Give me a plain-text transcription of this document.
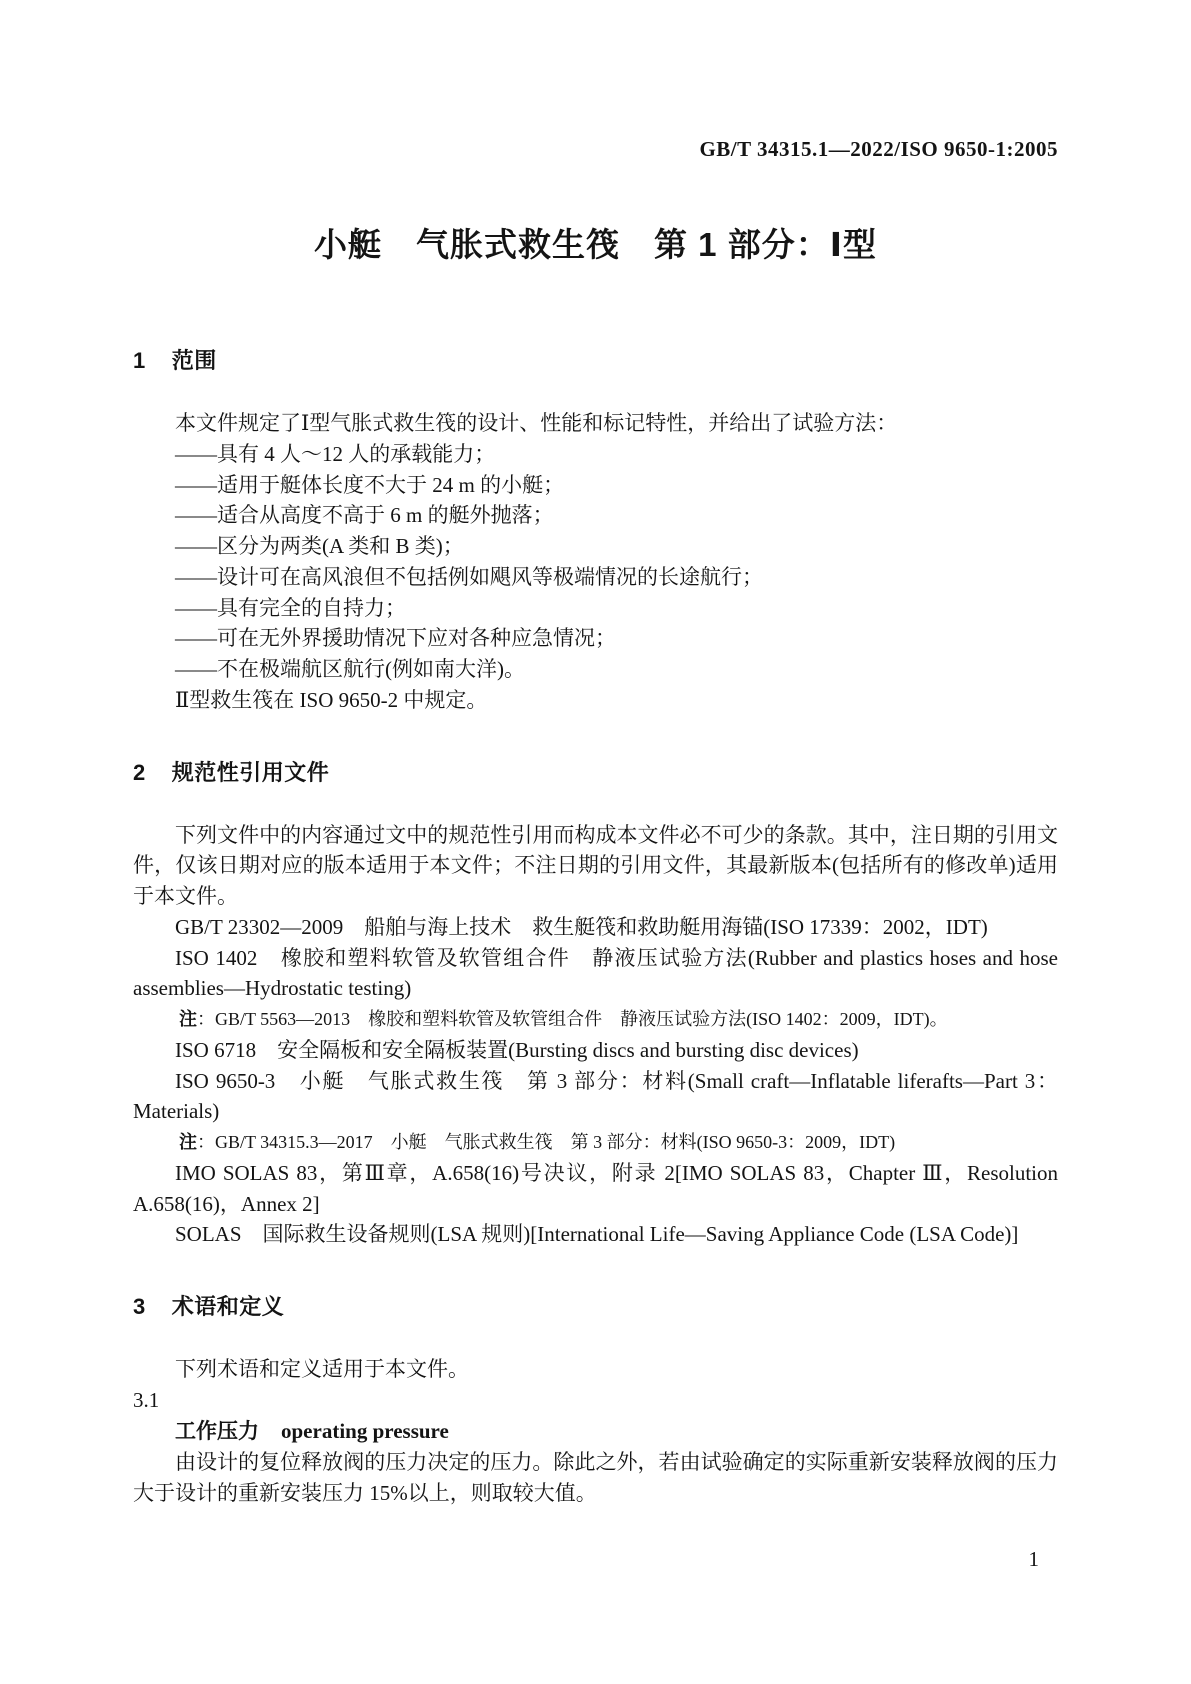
GB/T 34315.1—2022/ISO 9650-1:2005
小艇　气胀式救生筏　第 1 部分：Ⅰ型
1 范围

本文件规定了Ⅰ型气胀式救生筏的设计、性能和标记特性，并给出了试验方法：

——具有 4 人～12 人的承载能力；

——适用于艇体长度不大于 24 m 的小艇；

——适合从高度不高于 6 m 的艇外抛落；

——区分为两类(A 类和 B 类)；

——设计可在高风浪但不包括例如飓风等极端情况的长途航行；

——具有完全的自持力；

——可在无外界援助情况下应对各种应急情况；

——不在极端航区航行(例如南大洋)。

Ⅱ型救生筏在 ISO 9650-2 中规定。

2 规范性引用文件

下列文件中的内容通过文中的规范性引用而构成本文件必不可少的条款。其中，注日期的引用文件，仅该日期对应的版本适用于本文件；不注日期的引用文件，其最新版本(包括所有的修改单)适用于本文件。

GB/T 23302—2009　船舶与海上技术　救生艇筏和救助艇用海锚(ISO 17339：2002，IDT)

ISO 1402　橡胶和塑料软管及软管组合件　静液压试验方法(Rubber and plastics hoses and hose assemblies—Hydrostatic testing)

注：GB/T 5563—2013　橡胶和塑料软管及软管组合件　静液压试验方法(ISO 1402：2009，IDT)。

ISO 6718　安全隔板和安全隔板装置(Bursting discs and bursting disc devices)

ISO 9650-3　小艇　气胀式救生筏　第 3 部分：材料(Small craft—Inflatable liferafts—Part 3：Materials)

注：GB/T 34315.3—2017　小艇　气胀式救生筏　第 3 部分：材料(ISO 9650-3：2009，IDT)

IMO SOLAS 83，第Ⅲ章，A.658(16)号决议，附录 2[IMO SOLAS 83，Chapter Ⅲ，Resolution A.658(16)，Annex 2]

SOLAS　国际救生设备规则(LSA 规则)[International Life—Saving Appliance Code (LSA Code)]

3 术语和定义

下列术语和定义适用于本文件。

3.1

工作压力 operating pressure

由设计的复位释放阀的压力决定的压力。除此之外，若由试验确定的实际重新安装释放阀的压力大于设计的重新安装压力 15%以上，则取较大值。

1
